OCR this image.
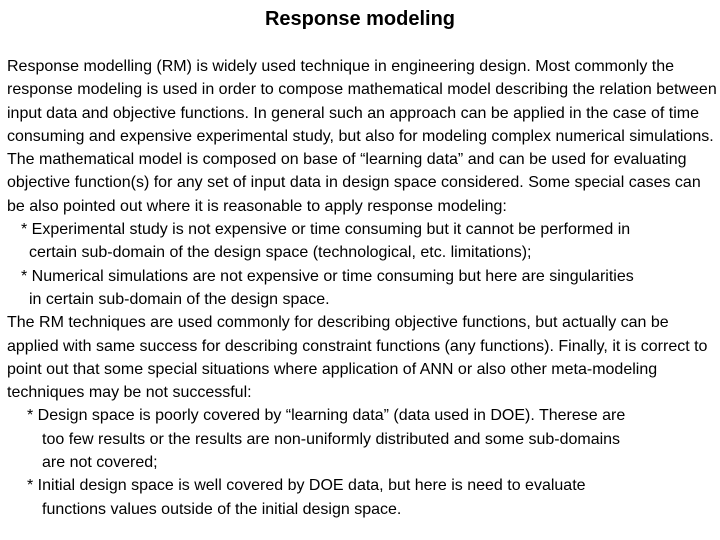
Response modeling

Response modelling (RM) is widely used technique in engineering design. Most commonly the response modeling is used in order to compose mathematical model describing the relation between input data and objective functions. In general such an approach can be applied in the case of time consuming and expensive experimental study, but also for modeling complex numerical simulations. The mathematical model is composed on base of “learning data” and can be used for evaluating objective function(s) for any set of input data in design space considered. Some special cases can be also pointed out where it is reasonable to apply response modeling:

* Experimental study is not expensive or time consuming but it cannot be performed in
certain sub-domain of the design space (technological, etc. limitations);
* Numerical simulations are not expensive or time consuming but here are singularities
in certain sub-domain of the design space.

The RM techniques are used commonly for describing objective functions, but actually can be applied with same success for describing constraint functions (any functions). Finally, it is correct to point out that some special situations where application of ANN or also other meta-modeling techniques may be not successful:

* Design space is poorly covered by “learning data” (data used in DOE). Therese are
too few results or the results are non-uniformly distributed and some sub-domains
are not covered;
* Initial design space is well covered by DOE data, but here is need to evaluate
functions values outside of the initial design space.
